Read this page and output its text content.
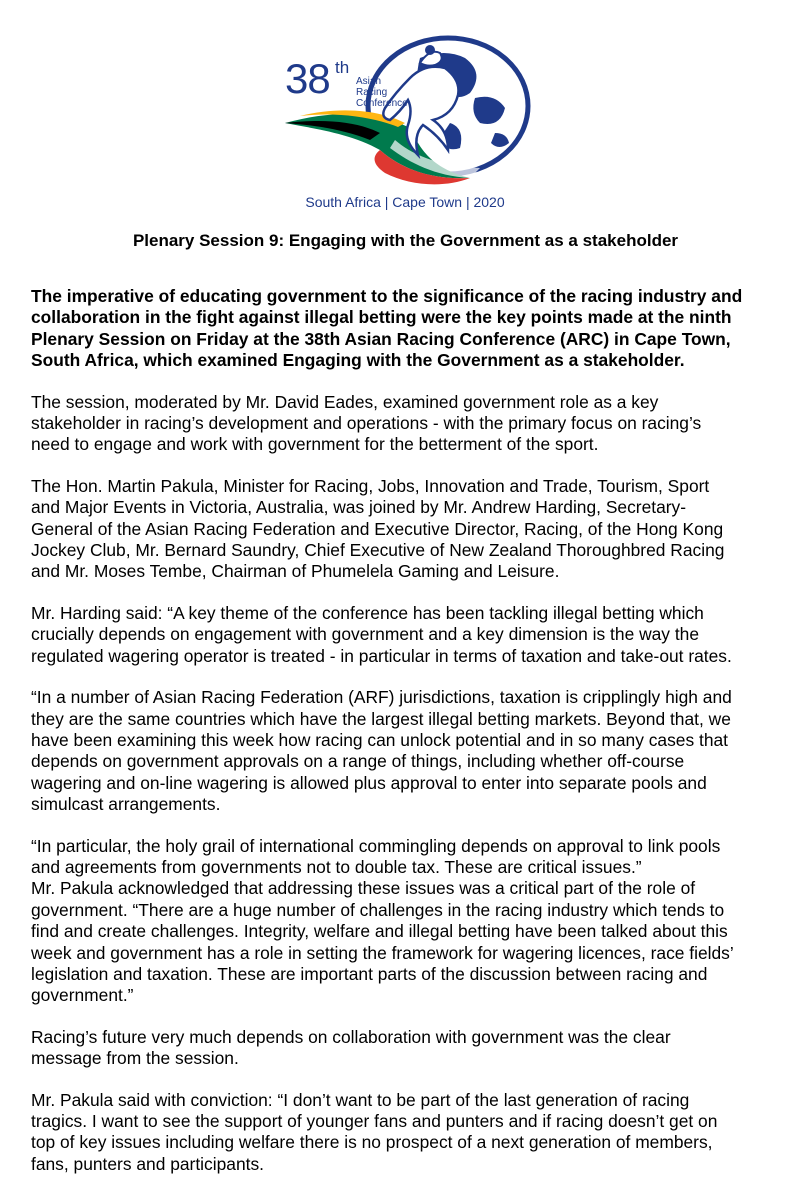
38 th
Asian
Racing
Conference
South Africa | Cape Town | 2020
Plenary Session 9: Engaging with the Government as a stakeholder

The imperative of educating government to the significance of the racing industry and
collaboration in the fight against illegal betting were the key points made at the ninth
Plenary Session on Friday at the 38th Asian Racing Conference (ARC) in Cape Town,
South Africa, which examined Engaging with the Government as a stakeholder.

The session, moderated by Mr. David Eades, examined government role as a key
stakeholder in racing’s development and operations - with the primary focus on racing’s
need to engage and work with government for the betterment of the sport.

The Hon. Martin Pakula, Minister for Racing, Jobs, Innovation and Trade, Tourism, Sport
and Major Events in Victoria, Australia, was joined by Mr. Andrew Harding, Secretary-
General of the Asian Racing Federation and Executive Director, Racing, of the Hong Kong
Jockey Club, Mr. Bernard Saundry, Chief Executive of New Zealand Thoroughbred Racing
and Mr. Moses Tembe, Chairman of Phumelela Gaming and Leisure.

Mr. Harding said: “A key theme of the conference has been tackling illegal betting which
crucially depends on engagement with government and a key dimension is the way the
regulated wagering operator is treated - in particular in terms of taxation and take-out rates.

“In a number of Asian Racing Federation (ARF) jurisdictions, taxation is cripplingly high and
they are the same countries which have the largest illegal betting markets. Beyond that, we
have been examining this week how racing can unlock potential and in so many cases that
depends on government approvals on a range of things, including whether off-course
wagering and on-line wagering is allowed plus approval to enter into separate pools and
simulcast arrangements.

“In particular, the holy grail of international commingling depends on approval to link pools
and agreements from governments not to double tax. These are critical issues.”

Mr. Pakula acknowledged that addressing these issues was a critical part of the role of
government. “There are a huge number of challenges in the racing industry which tends to
find and create challenges. Integrity, welfare and illegal betting have been talked about this
week and government has a role in setting the framework for wagering licences, race fields’
legislation and taxation. These are important parts of the discussion between racing and
government.”

Racing’s future very much depends on collaboration with government was the clear
message from the session.

Mr. Pakula said with conviction: “I don’t want to be part of the last generation of racing
tragics. I want to see the support of younger fans and punters and if racing doesn’t get on
top of key issues including welfare there is no prospect of a next generation of members,
fans, punters and participants.
